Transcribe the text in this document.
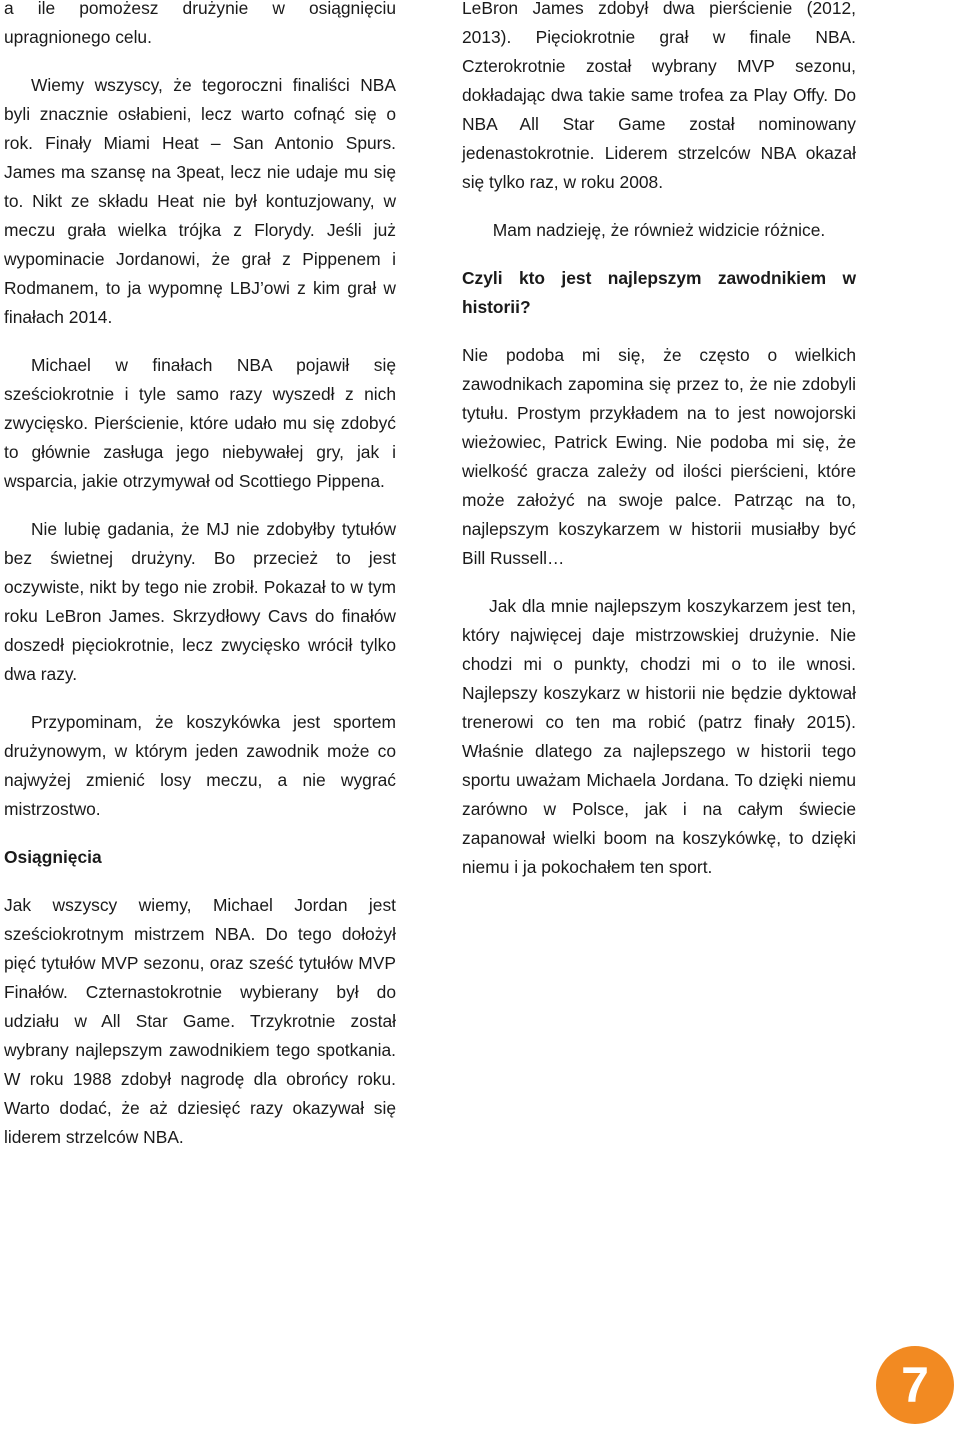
a ile pomożesz drużynie w osiągnięciu upragnionego celu.

Wiemy wszyscy, że tegoroczni finaliści NBA byli znacznie osłabieni, lecz warto cofnąć się o rok. Finały Miami Heat – San Antonio Spurs. James ma szansę na 3peat, lecz nie udaje mu się to. Nikt ze składu Heat nie był kontuzjowany, w meczu grała wielka trójka z Florydy. Jeśli już wypominacie Jordanowi, że grał z Pippenem i Rodmanem, to ja wypomnę LBJ’owi z kim grał w finałach 2014.

Michael w finałach NBA pojawił się sześciokrotnie i tyle samo razy wyszedł z nich zwycięsko. Pierścienie, które udało mu się zdobyć to głównie zasługa jego niebywałej gry, jak i wsparcia, jakie otrzymywał od Scottiego Pippena.

Nie lubię gadania, że MJ nie zdobyłby tytułów bez świetnej drużyny. Bo przecież to jest oczywiste, nikt by tego nie zrobił. Pokazał to w tym roku LeBron James. Skrzydłowy Cavs do finałów doszedł pięciokrotnie, lecz zwycięsko wrócił tylko dwa razy.

Przypominam, że koszykówka jest sportem drużynowym, w którym jeden zawodnik może co najwyżej zmienić losy meczu, a nie wygrać mistrzostwo.

Osiągnięcia

Jak wszyscy wiemy, Michael Jordan jest sześciokrotnym mistrzem NBA. Do tego dołożył pięć tytułów MVP sezonu, oraz sześć tytułów MVP Finałów. Czternastokrotnie wybierany był do udziału w All Star Game. Trzykrotnie został wybrany najlepszym zawodnikiem tego spotkania. W roku 1988 zdobył nagrodę dla obrońcy roku. Warto dodać, że aż dziesięć razy okazywał się liderem strzelców NBA.

LeBron James zdobył dwa pierścienie (2012, 2013). Pięciokrotnie grał w finale NBA. Czterokrotnie został wybrany MVP sezonu, dokładając dwa takie same trofea za Play Offy. Do NBA All Star Game został nominowany jedenastokrotnie. Liderem strzelców NBA okazał się tylko raz, w roku 2008.

Mam nadzieję, że również widzicie różnice.

Czyli kto jest najlepszym zawodnikiem w historii?

Nie podoba mi się, że często o wielkich zawodnikach zapomina się przez to, że nie zdobyli tytułu. Prostym przykładem na to jest nowojorski wieżowiec, Patrick Ewing. Nie podoba mi się, że wielkość gracza zależy od ilości pierścieni, które może założyć na swoje palce. Patrząc na to, najlepszym koszykarzem w historii musiałby być Bill Russell…

Jak dla mnie najlepszym koszykarzem jest ten, który najwięcej daje mistrzowskiej drużynie. Nie chodzi mi o punkty, chodzi mi o to ile wnosi. Najlepszy koszykarz w historii nie będzie dyktował trenerowi co ten ma robić (patrz finały 2015). Właśnie dlatego za najlepszego w historii tego sportu uważam Michaela Jordana. To dzięki niemu zarówno w Polsce, jak i na całym świecie zapanował wielki boom na koszykówkę, to dzięki niemu i ja pokochałem ten sport.

7
